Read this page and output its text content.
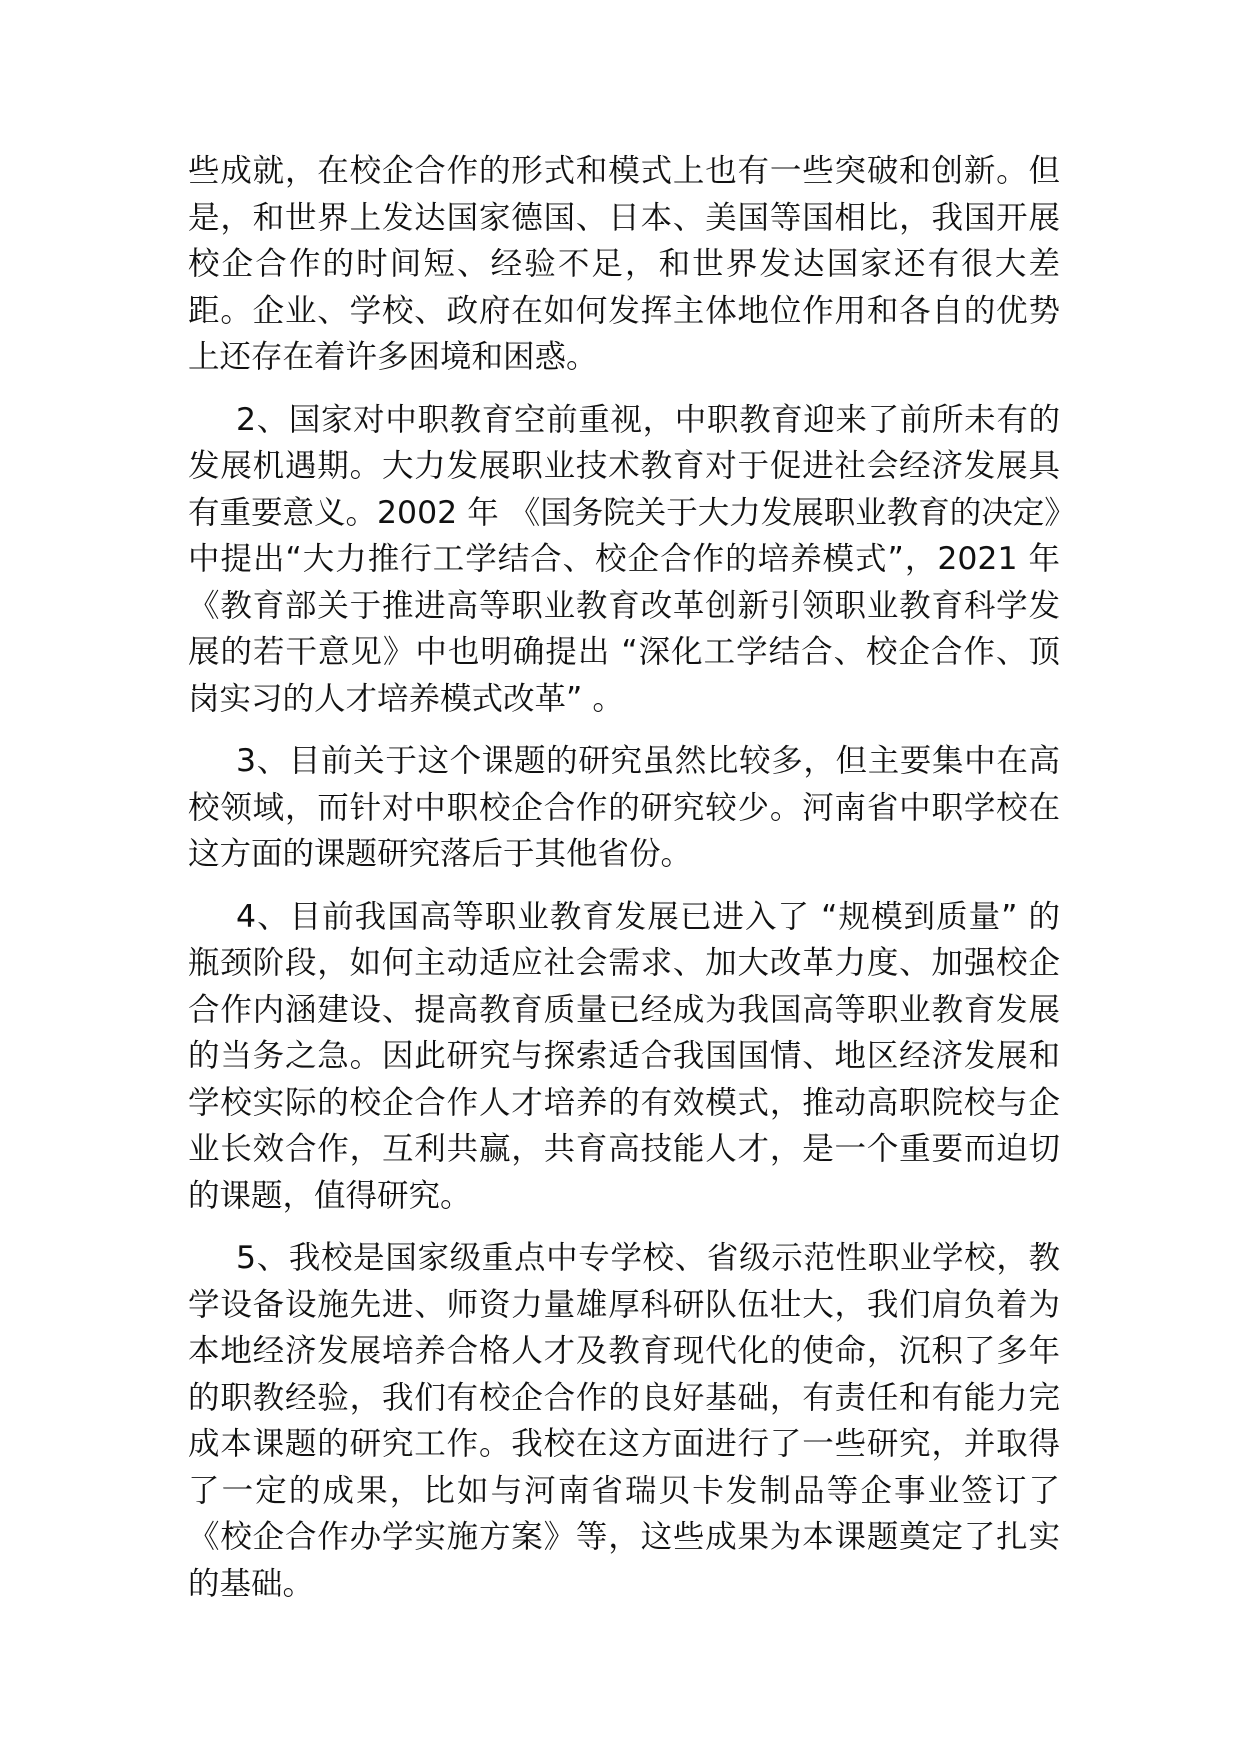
些成就，在校企合作的形式和模式上也有一些突破和创新。但是，和世界上发达国家德国、日本、美国等国相比，我国开展校企合作的时间短、经验不足，和世界发达国家还有很大差距。企业、学校、政府在如何发挥主体地位作用和各自的优势上还存在着许多困境和困惑。

2、国家对中职教育空前重视，中职教育迎来了前所未有的发展机遇期。大力发展职业技术教育对于促进社会经济发展具有重要意义。2002 年 《国务院关于大力发展职业教育的决定》中提出“大力推行工学结合、校企合作的培养模式”，2021 年《教育部关于推进高等职业教育改革创新引领职业教育科学发展的若干意见》中也明确提出 “深化工学结合、校企合作、顶岗实习的人才培养模式改革” 。

3、目前关于这个课题的研究虽然比较多，但主要集中在高校领域，而针对中职校企合作的研究较少。河南省中职学校在这方面的课题研究落后于其他省份。

4、目前我国高等职业教育发展已进入了 “规模到质量” 的瓶颈阶段，如何主动适应社会需求、加大改革力度、加强校企合作内涵建设、提高教育质量已经成为我国高等职业教育发展的当务之急。因此研究与探索适合我国国情、地区经济发展和学校实际的校企合作人才培养的有效模式，推动高职院校与企业长效合作，互利共赢，共育高技能人才，是一个重要而迫切的课题，值得研究。

5、我校是国家级重点中专学校、省级示范性职业学校，教学设备设施先进、师资力量雄厚科研队伍壮大，我们肩负着为本地经济发展培养合格人才及教育现代化的使命，沉积了多年的职教经验，我们有校企合作的良好基础，有责任和有能力完成本课题的研究工作。我校在这方面进行了一些研究，并取得了一定的成果，比如与河南省瑞贝卡发制品等企事业签订了《校企合作办学实施方案》等，这些成果为本课题奠定了扎实的基础。
